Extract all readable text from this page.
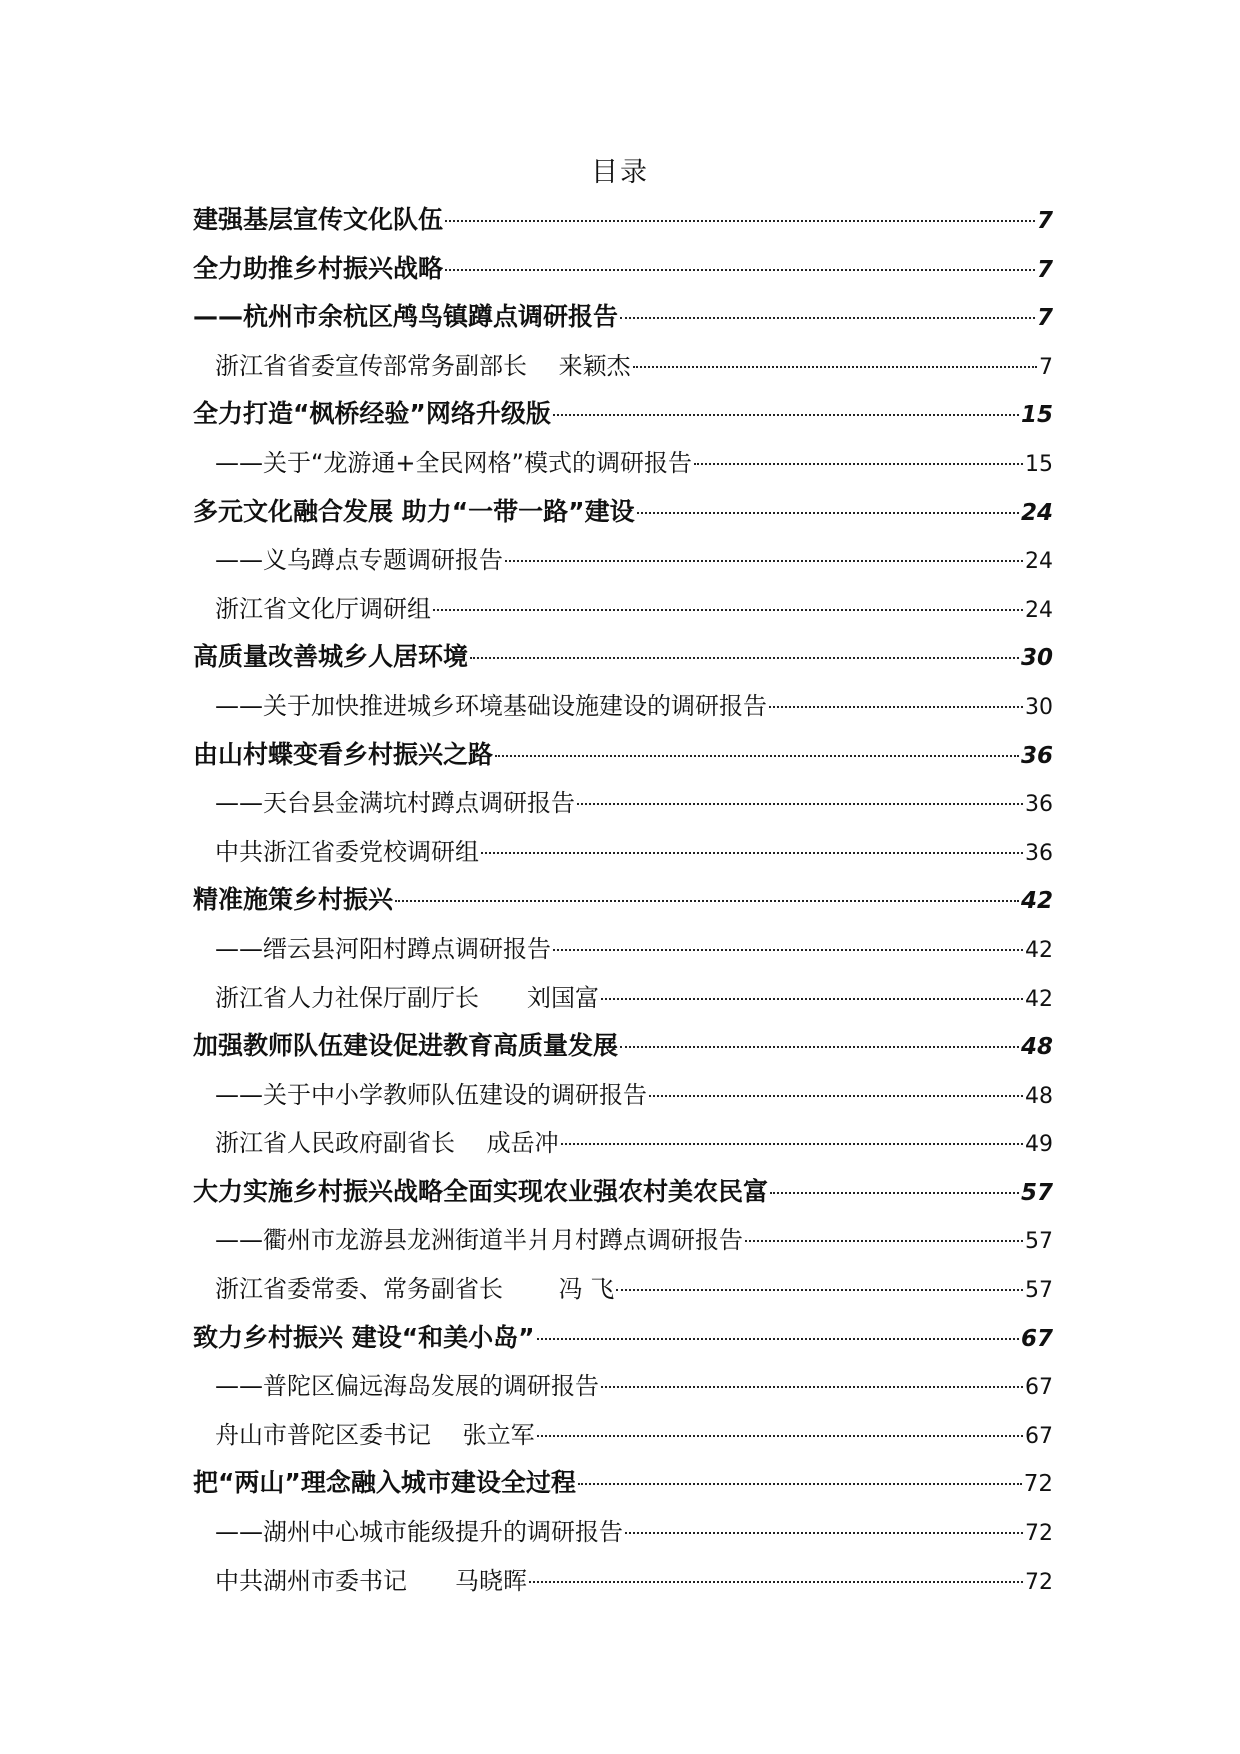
目录
建强基层宣传文化队伍	7
全力助推乡村振兴战略	7
——杭州市余杭区鸬鸟镇蹲点调研报告	7
浙江省省委宣传部常务副部长　 来颖杰	7
全力打造“枫桥经验”网络升级版	15
——关于“龙游通+全民网格”模式的调研报告	15
多元文化融合发展 助力“一带一路”建设	24
——义乌蹲点专题调研报告	24
浙江省文化厅调研组	24
高质量改善城乡人居环境	30
——关于加快推进城乡环境基础设施建设的调研报告	30
由山村蝶变看乡村振兴之路	36
——天台县金满坑村蹲点调研报告	36
中共浙江省委党校调研组	36
精准施策乡村振兴	42
——缙云县河阳村蹲点调研报告	42
浙江省人力社保厅副厅长　　刘国富	42
加强教师队伍建设促进教育高质量发展	48
——关于中小学教师队伍建设的调研报告	48
浙江省人民政府副省长　 成岳冲	49
大力实施乡村振兴战略全面实现农业强农村美农民富	57
——衢州市龙游县龙洲街道半爿月村蹲点调研报告	57
浙江省委常委、常务副省长　　 冯 飞	57
致力乡村振兴 建设“和美小岛”	67
——普陀区偏远海岛发展的调研报告	67
舟山市普陀区委书记　 张立军	67
把“两山”理念融入城市建设全过程	72
——湖州中心城市能级提升的调研报告	72
中共湖州市委书记　　马晓晖	72
